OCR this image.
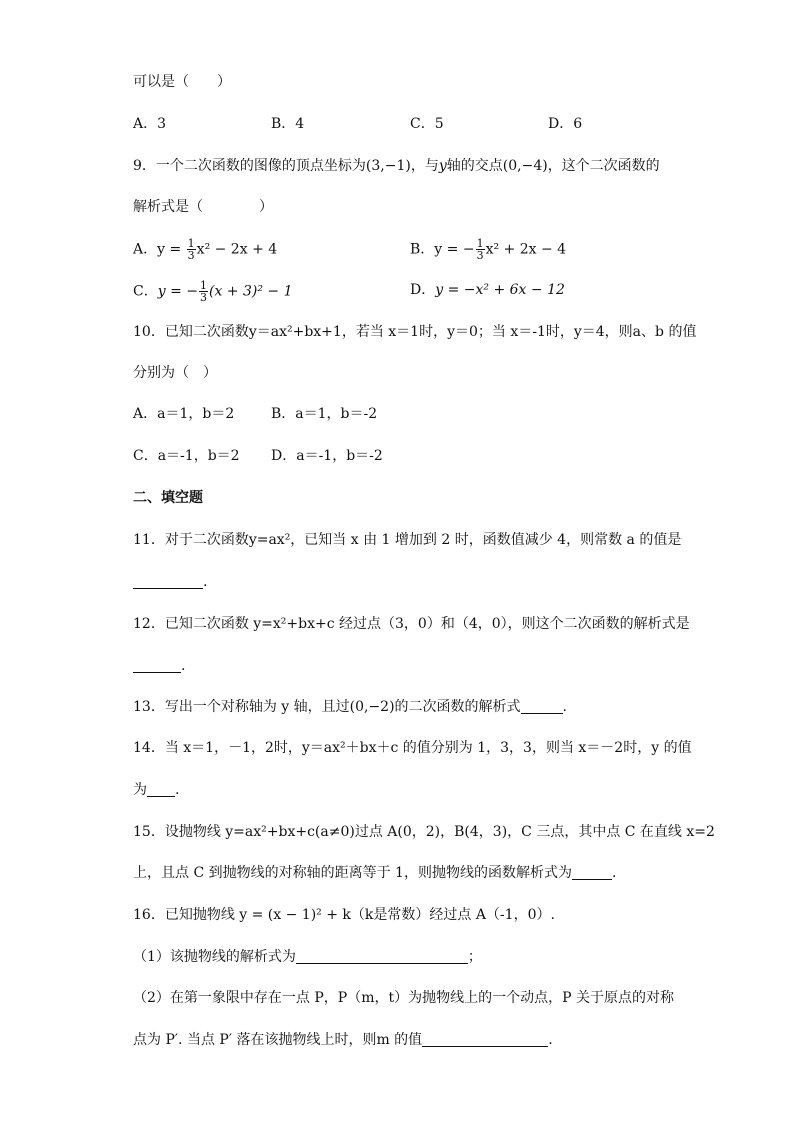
可以是（　　）
A．3	B．4	C．5	D．6
9．一个二次函数的图像的顶点坐标为(3,−1)，与y轴的交点(0,−4)，这个二次函数的
解析式是（　　　　）
A．$y = \frac{1}{3} x^2 - 2x + 4$	B．y = − $\frac{1}{3} x^2 + 2x - 4$
C．y = − $\frac{1}{3} (x + 3)^2 - 1$	D．y = −x² + 6x − 12
10．已知二次函数y＝ax²+bx+1，若当 x＝1时，y＝0；当 x＝-1时，y＝4，则a、b 的值
分别为（　）
A．a＝1，b＝2	B．a＝1，b＝-2
C．a＝-1，b＝2 D．a＝-1，b＝-2
二、填空题
11．对于二次函数y=ax²，已知当 x 由 1 增加到 2 时，函数值减少 4，则常数 a 的值是
.
12．已知二次函数 y=x²+bx+c 经过点（3，0）和（4，0），则这个二次函数的解析式是
.
13．写出一个对称轴为 y 轴，且过(0,−2)的二次函数的解析式	.
14．当 x＝1，－1，2时，y＝ax²＋bx＋c 的值分别为 1，3，3，则当 x＝－2时，y 的值
为 .
15．设抛物线 y=ax²+bx+c(a≠0)过点 A(0，2)，B(4，3)，C 三点，其中点 C 在直线 x=2
上，且点 C 到抛物线的对称轴的距离等于 1，则抛物线的函数解析式为	.
16．已知抛物线 y = (x − 1)² + k（k是常数）经过点 A（-1，0）.
（1）该抛物线的解析式为	；
（2）在第一象限中存在一点 P，P（m，t）为抛物线上的一个动点，P 关于原点的对称
点为 P′. 当点 P′ 落在该抛物线上时，则m 的值	.
